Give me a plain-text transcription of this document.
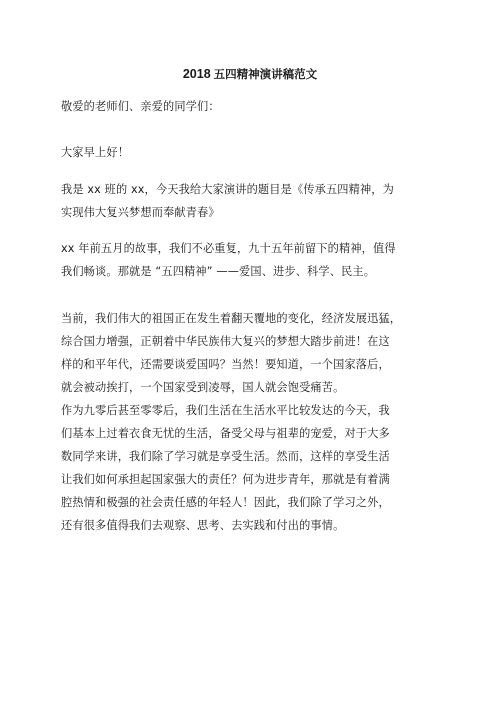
2018 五四精神演讲稿范文
敬爱的老师们、亲爱的同学们：
大家早上好！
我是 xx 班的 xx，今天我给大家演讲的题目是《传承五四精神，为
实现伟大复兴梦想而奉献青春》
xx 年前五月的故事，我们不必重复，九十五年前留下的精神，值得
我们畅谈。那就是 “五四精神” ——爱国、进步、科学、民主。
当前，我们伟大的祖国正在发生着翻天覆地的变化，经济发展迅猛，
综合国力增强，正朝着中华民族伟大复兴的梦想大踏步前进！在这
样的和平年代，还需要谈爱国吗？当然！要知道，一个国家落后，
就会被动挨打，一个国家受到凌辱，国人就会饱受痛苦。
作为九零后甚至零零后，我们生活在生活水平比较发达的今天，我
们基本上过着衣食无忧的生活，备受父母与祖辈的宠爱，对于大多
数同学来讲，我们除了学习就是享受生活。然而，这样的享受生活
让我们如何承担起国家强大的责任？何为进步青年，那就是有着满
腔热情和极强的社会责任感的年轻人！因此，我们除了学习之外，
还有很多值得我们去观察、思考、去实践和付出的事情。
